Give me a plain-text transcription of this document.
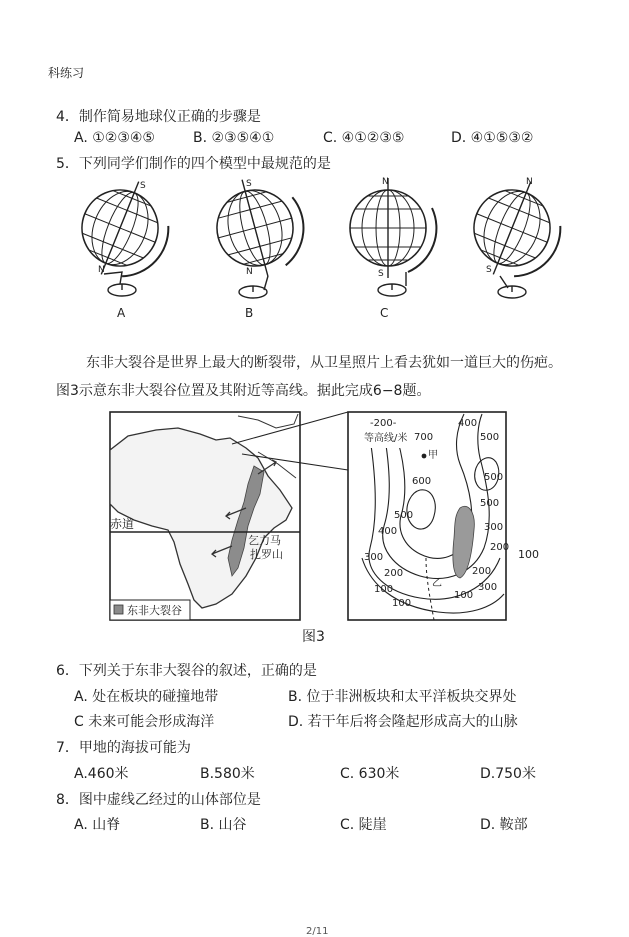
科练习
4．制作简易地球仪正确的步骤是
A. ①②③④⑤	B. ②③⑤④①	C. ④①②③⑤	D. ④①⑤③②
5．下列同学们制作的四个模型中最规范的是
S
N
A
S
N
B
N
S
C
N
S
东非大裂谷是世界上最大的断裂带，从卫星照片上看去犹如一道巨大的伤疤。
图3示意东非大裂谷位置及其附近等高线。据此完成6−8题。
赤道
乞力马
扎罗山
东非大裂谷
甲
乙
-200-
等高线/米 700
400
500
600	500
500
500
400	300
300
200
200
100
100
200
100
300
100
图3
6．下列关于东非大裂谷的叙述，正确的是
A. 处在板块的碰撞地带	B. 位于非洲板块和太平洋板块交界处
C 未来可能会形成海洋	D. 若干年后将会隆起形成高大的山脉
7．甲地的海拔可能为
A.460米	B.580米	C. 630米	D.750米
8．图中虚线乙经过的山体部位是
A. 山脊	B. 山谷	C. 陡崖	D. 鞍部
2/11
